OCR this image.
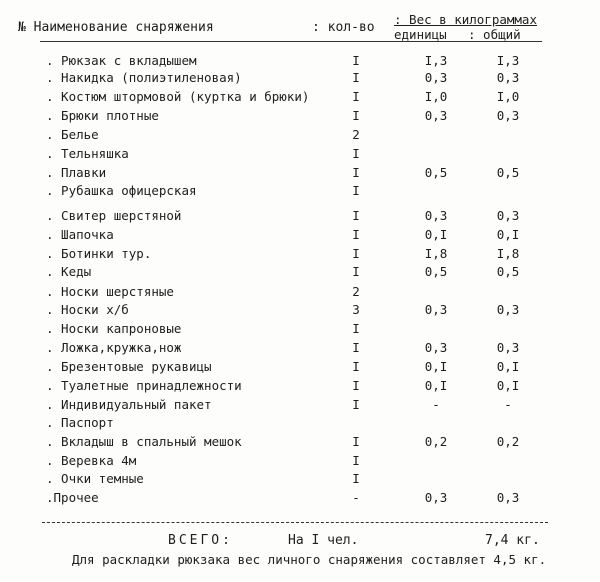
№ Наименование снаряжения	: кол-во
: Вес в килограммах
единицы : общий
. Рюкзак с вкладышем	I	I,3	I,3
. Накидка (полиэтиленовая)	I	0,3	0,3
. Костюм штормовой (куртка и брюки)	I	I,0	I,0
. Брюки плотные	I	0,3	0,3
. Белье	2
. Тельняшка	I
. Плавки	I	0,5	0,5
. Рубашка офицерская	I
. Свитер шерстяной	I	0,3	0,3
. Шапочка	I	0,I	0,I
. Ботинки тур.	I	I,8	I,8
. Кеды	I	0,5	0,5
. Носки шерстяные	2
. Носки х/б	3	0,3	0,3
. Носки капроновые	I
. Ложка,кружка,нож	I	0,3	0,3
. Брезентовые рукавицы	I	0,I	0,I
. Туалетные принадлежности	I	0,I	0,I
. Индивидуальный пакет	I	-	-
. Паспорт
. Вкладыш в спальный мешок	I	0,2	0,2
. Веревка 4м	I
. Очки темные	I
.Прочее	-	0,3	0,3
ВСЕГО:	На I чел.	7,4 кг.
Для раскладки рюкзака вес личного снаряжения составляет 4,5 кг.
